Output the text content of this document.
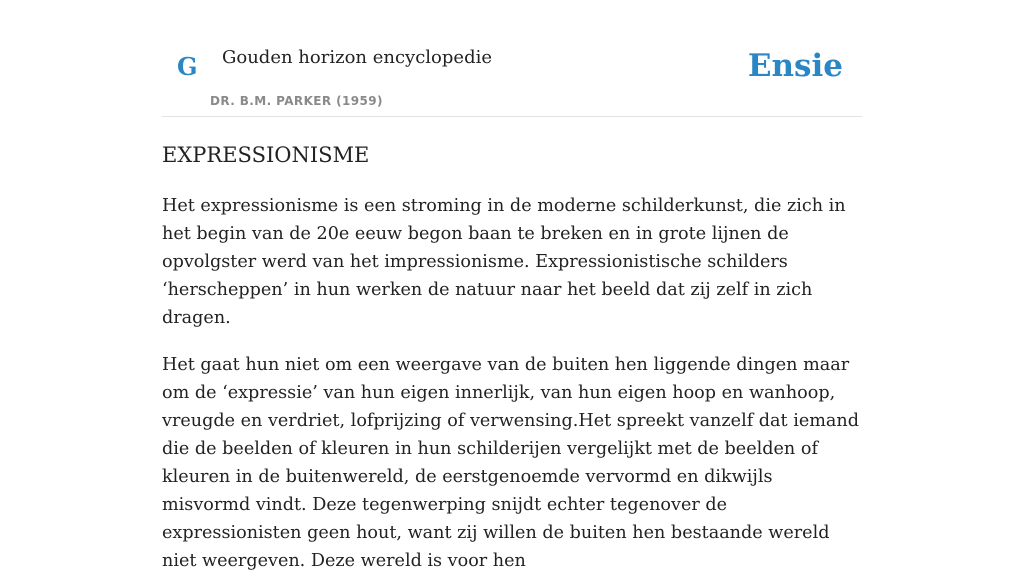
G Gouden horizon encyclopedie
DR. B.M. PARKER (1959)
Ensie
EXPRESSIONISME

Het expressionisme is een stroming in de moderne schilderkunst, die zich in het begin van de 20e eeuw begon baan te breken en in grote lijnen de opvolgster werd van het impressionisme. Expressionistische schilders ‘herscheppen’ in hun werken de natuur naar het beeld dat zij zelf in zich dragen.

Het gaat hun niet om een weergave van de buiten hen liggende dingen maar om de ‘expressie’ van hun eigen innerlijk, van hun eigen hoop en wanhoop, vreugde en verdriet, lofprijzing of verwensing.Het spreekt vanzelf dat iemand die de beelden of kleuren in hun schilderijen vergelijkt met de beelden of kleuren in de buitenwereld, de eerstgenoemde vervormd en dikwijls misvormd vindt. Deze tegenwerping snijdt echter tegenover de expressionisten geen hout, want zij willen de buiten hen bestaande wereld niet weergeven. Deze wereld is voor hen
